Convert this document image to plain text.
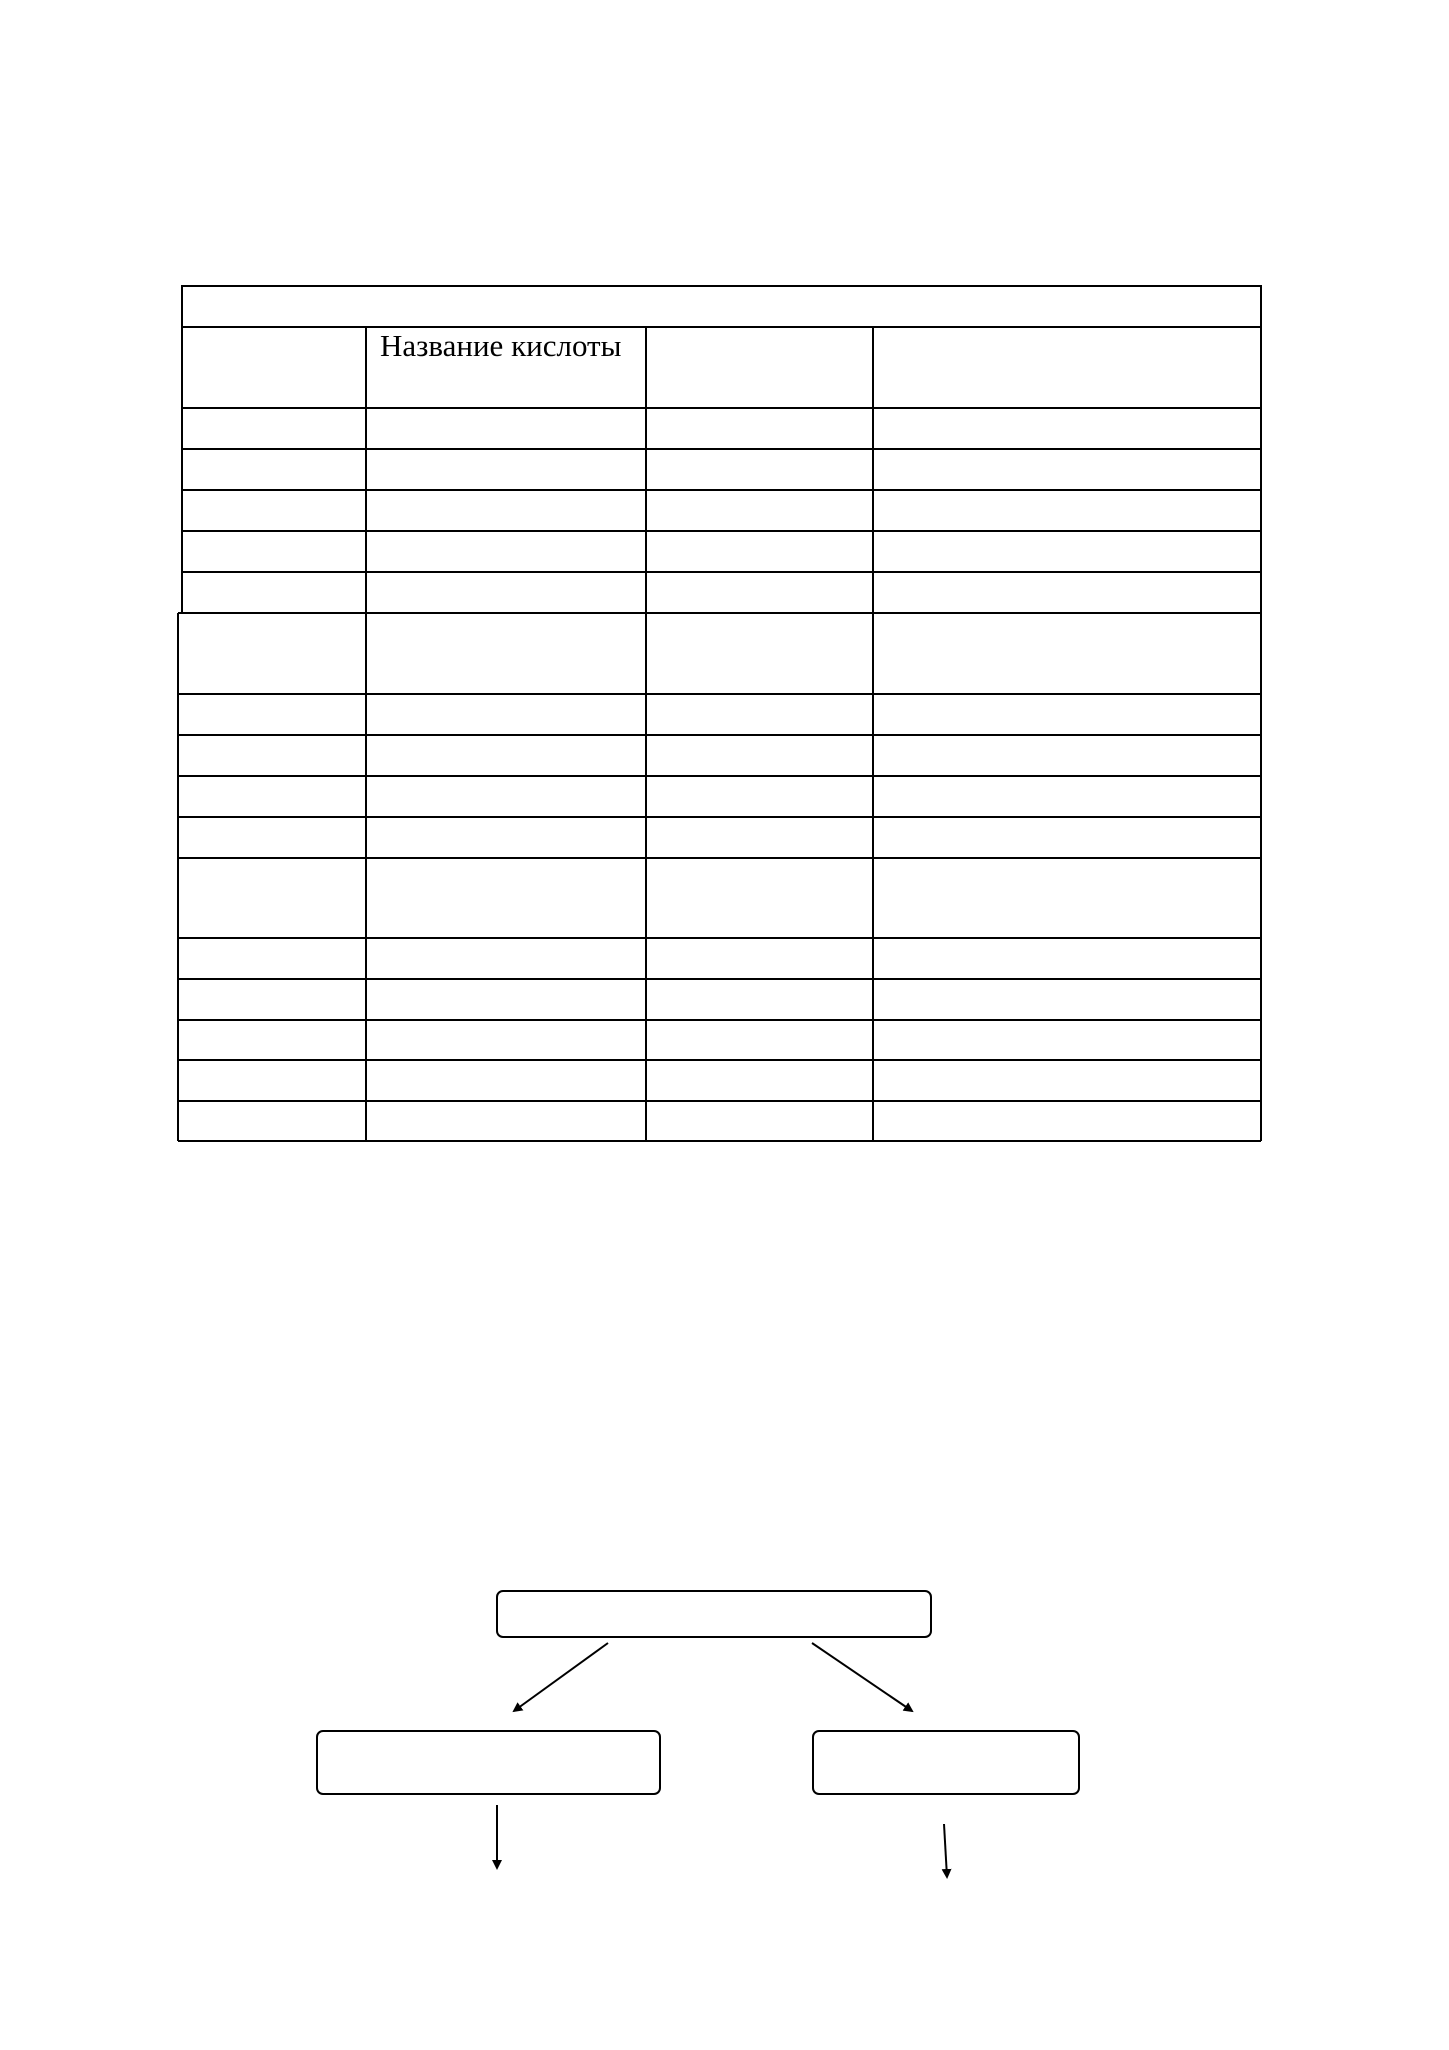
Название кислоты
